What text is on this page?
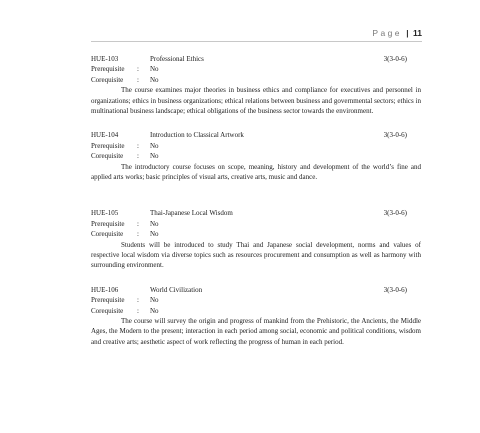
Page | 11
HUE-103	Professional Ethics	3(3-0-6)
Prerequisite : No
Corequisite : No

The course examines major theories in business ethics and compliance for executives and personnel in organizations; ethics in business organizations; ethical relations between business and governmental sectors; ethics in multinational business landscape; ethical obligations of the business sector towards the environment.

HUE-104	Introduction to Classical Artwork	3(3-0-6)
Prerequisite : No
Corequisite : No

The introductory course focuses on scope, meaning, history and development of the world’s fine and applied arts works; basic principles of visual arts, creative arts, music and dance.

HUE-105	Thai-Japanese Local Wisdom	3(3-0-6)
Prerequisite : No
Corequisite : No

Students will be introduced to study Thai and Japanese social development, norms and values of respective local wisdom via diverse topics such as resources procurement and consumption as well as harmony with surrounding environment.

HUE-106	World Civilization	3(3-0-6)
Prerequisite : No
Corequisite : No

The course will survey the origin and progress of mankind from the Prehistoric, the Ancients, the Middle Ages, the Modern to the present; interaction in each period among social, economic and political conditions, wisdom and creative arts; aesthetic aspect of work reflecting the progress of human in each period.
